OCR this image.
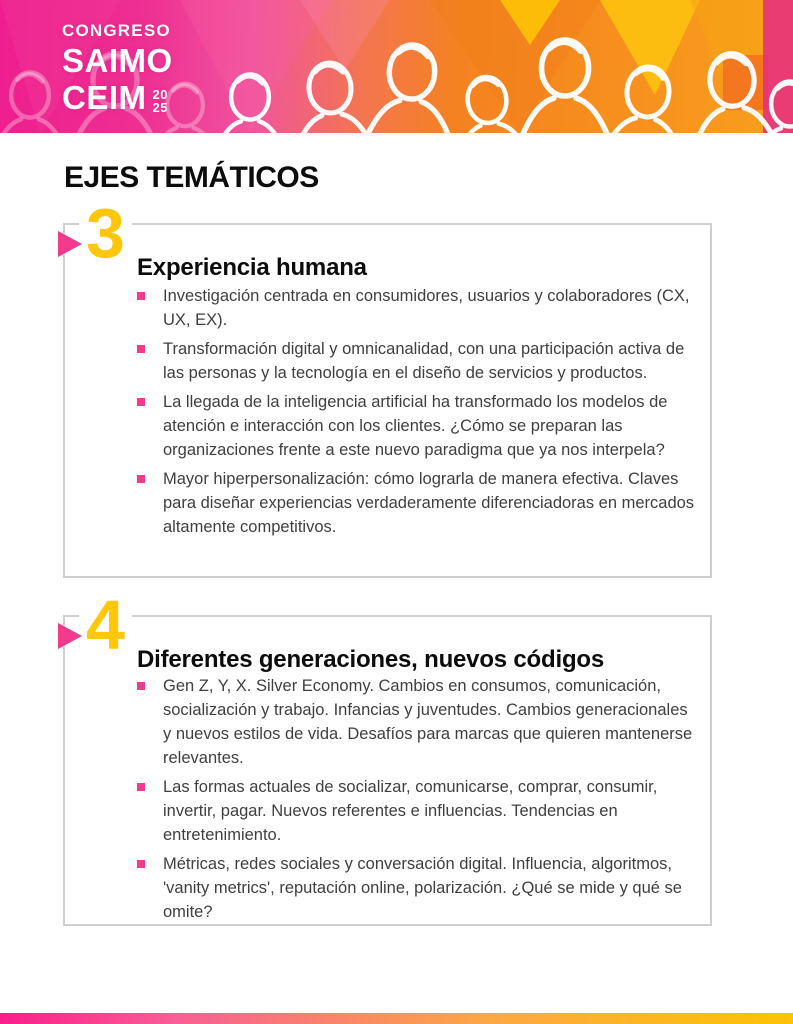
CONGRESO
SAIMO
CEIM 20
25
EJES TEMÁTICOS
3 Experiencia humana
Investigación centrada en consumidores, usuarios y colaboradores (CX, UX, EX).
Transformación digital y omnicanalidad, con una participación activa de las personas y la tecnología en el diseño de servicios y productos.
La llegada de la inteligencia artificial ha transformado los modelos de atención e interacción con los clientes. ¿Cómo se preparan las organizaciones frente a este nuevo paradigma que ya nos interpela?
Mayor hiperpersonalización: cómo lograrla de manera efectiva. Claves para diseñar experiencias verdaderamente diferenciadoras en mercados altamente competitivos.
4 Diferentes generaciones, nuevos códigos
Gen Z, Y, X. Silver Economy. Cambios en consumos, comunicación, socialización y trabajo. Infancias y juventudes. Cambios generacionales y nuevos estilos de vida. Desafíos para marcas que quieren mantenerse relevantes.
Las formas actuales de socializar, comunicarse, comprar, consumir, invertir, pagar. Nuevos referentes e influencias. Tendencias en entretenimiento.
Métricas, redes sociales y conversación digital. Influencia, algoritmos, 'vanity metrics', reputación online, polarización. ¿Qué se mide y qué se omite?
